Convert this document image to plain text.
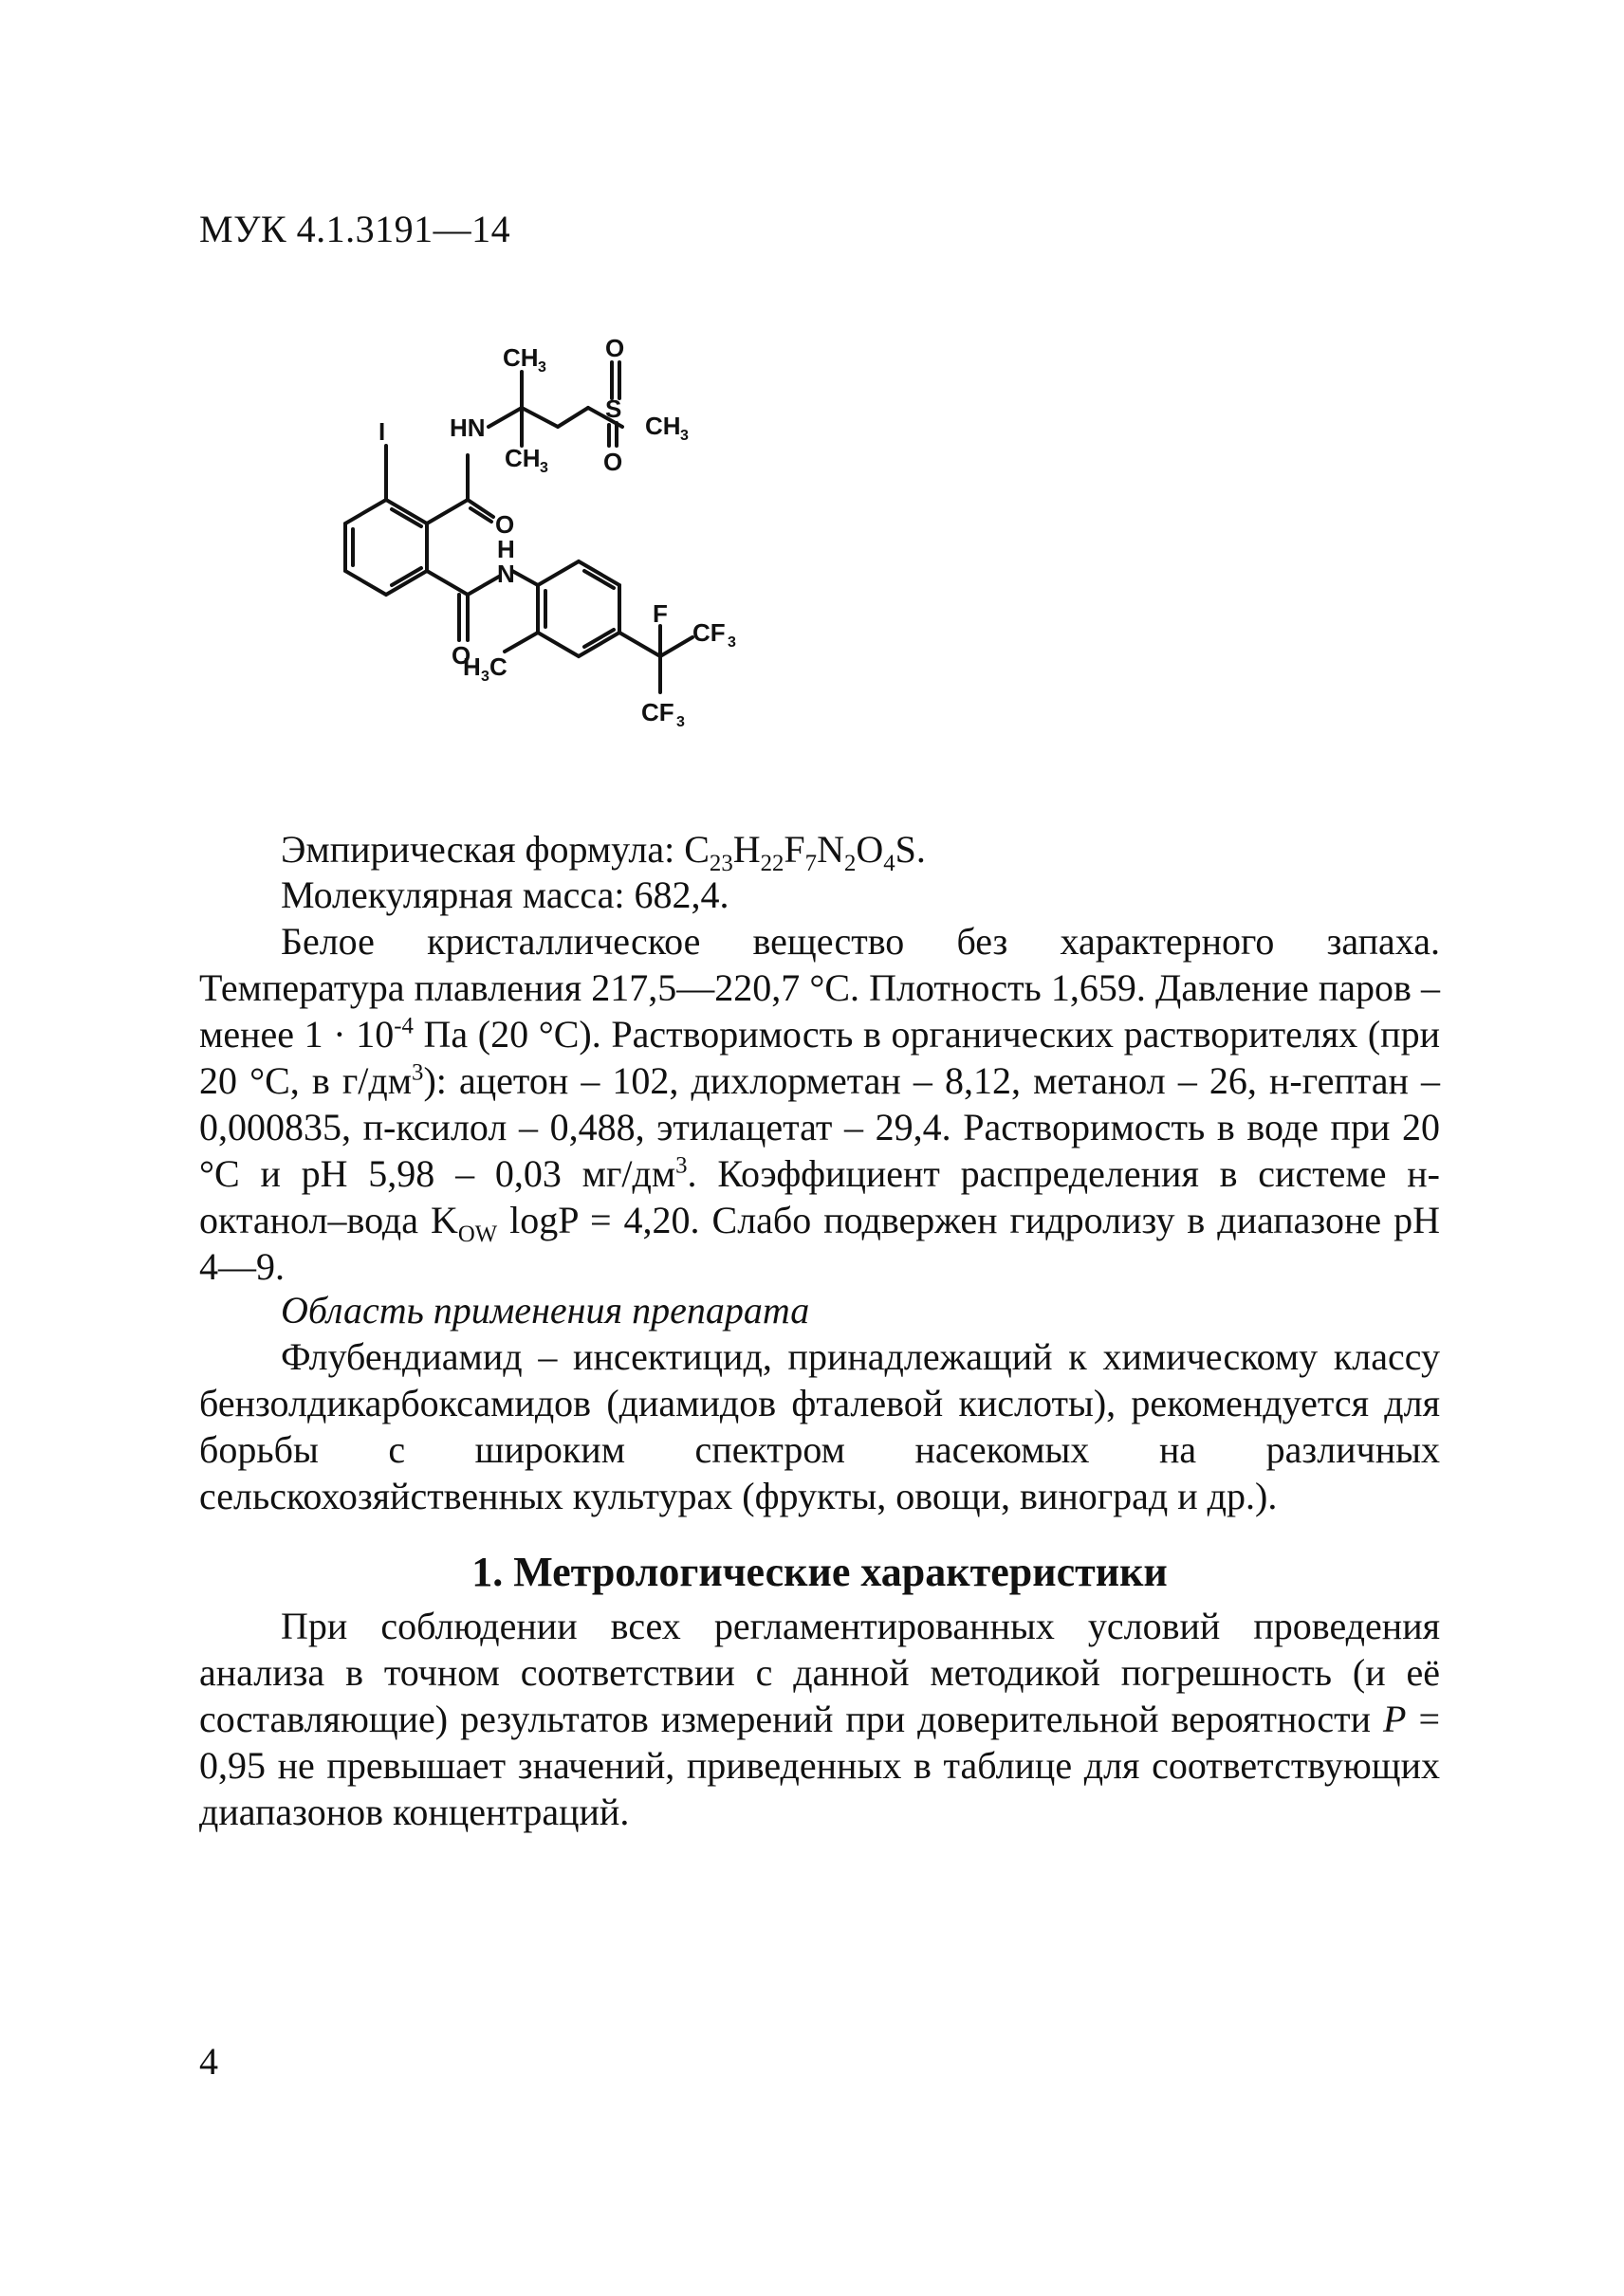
МУК 4.1.3191—14
I	HN
CH 3
CH 3
O
S
O
CH 3
O
H
N
O
H 3 C
F
CF 3
CF 3
Эмпирическая формула: $C_{23}H_{22}F_7N_2O_4S$.
Молекулярная масса: 682,4.

Белое кристаллическое вещество без характерного запаха. Температура плавления 217,5—220,7 °С. Плотность 1,659. Давление паров – менее $1 \cdot 10^{-4}$ Па (20 °С). Растворимость в органических растворителях (при 20 °С, в $г/дм^3$): ацетон – 102, дихлорметан – 8,12, метанол – 26, н-гептан – 0,000835, п-ксилол – 0,488, этилацетат – 29,4. Растворимость в воде при 20 °С и рН 5,98 – 0,03 $мг/дм^3$. Коэффициент распределения в системе н-октанол–вода $K_{OW}$ logP = 4,20. Слабо подвержен гидролизу в диапазоне рН 4—9.

Область применения препарата

Флубендиамид – инсектицид, принадлежащий к химическому классу бензолдикарбоксамидов (диамидов фталевой кислоты), рекомендуется для борьбы с широким спектром насекомых на различных сельскохозяйственных культурах (фрукты, овощи, виноград и др.).

1. Метрологические характеристики

При соблюдении всех регламентированных условий проведения анализа в точном соответствии с данной методикой погрешность (и её составляющие) результатов измерений при доверительной вероятности P = 0,95 не превышает значений, приведенных в таблице для соответствующих диапазонов концентраций.

4
